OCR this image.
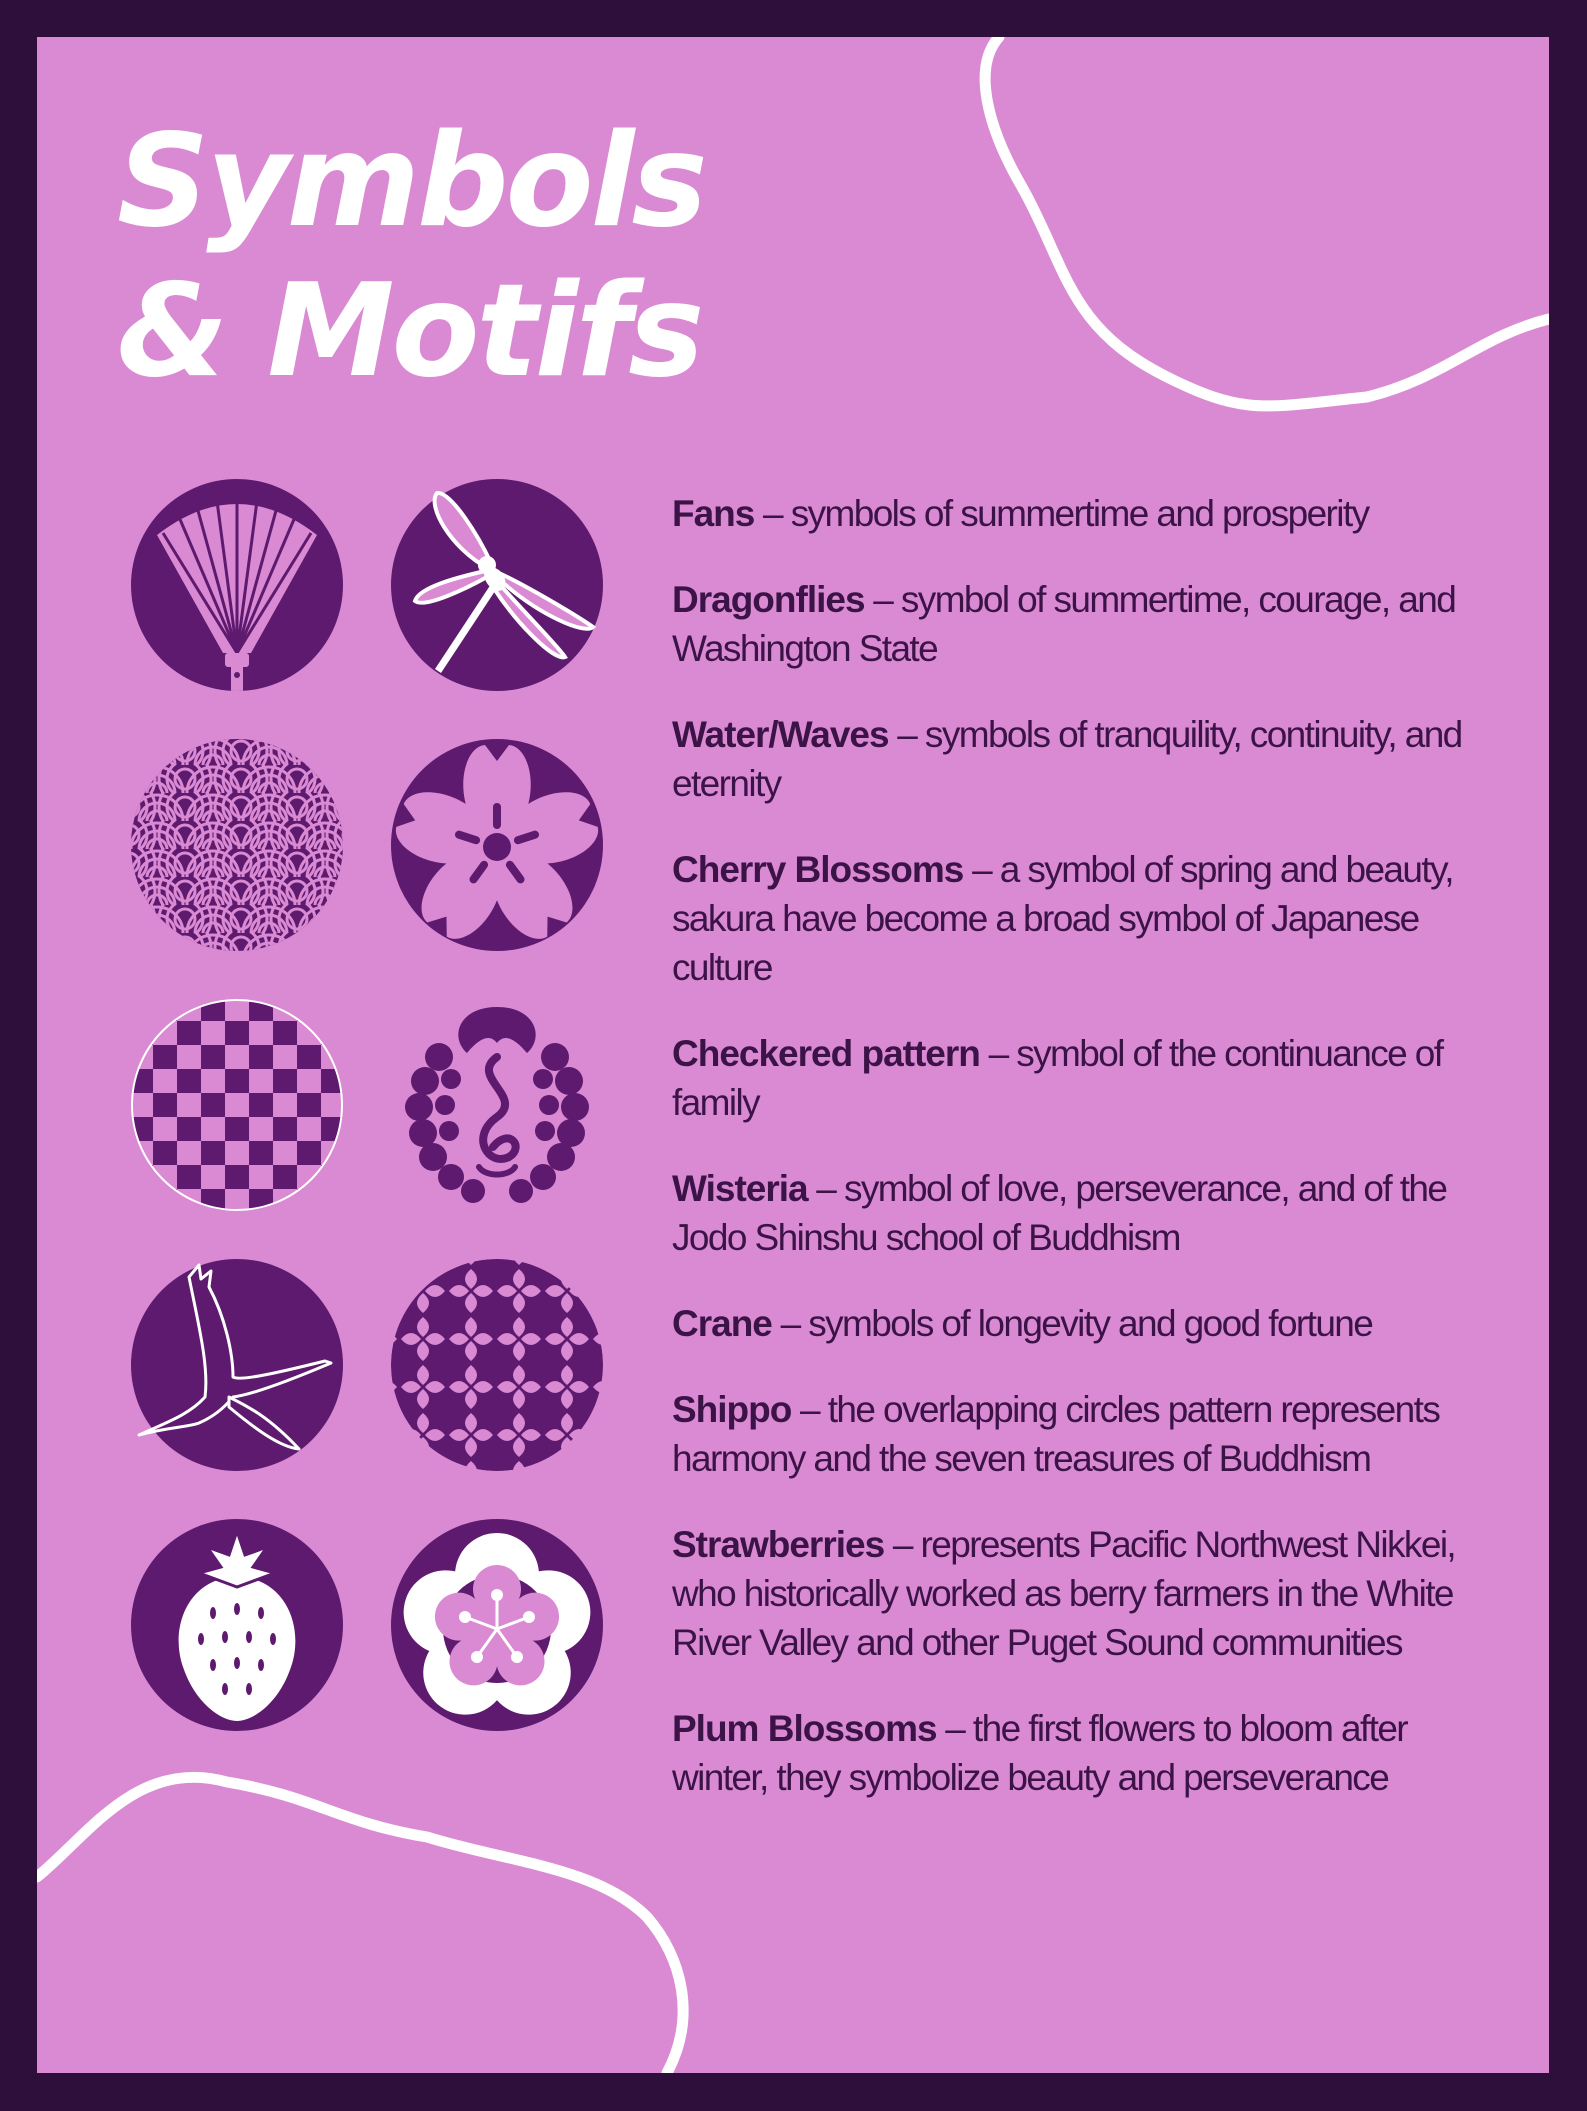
Symbols
& Motifs

Fans – symbols of summertime and prosperity

Dragonflies – symbol of summertime, courage, and Washington State

Water/Waves – symbols of tranquility, continuity, and eternity

Cherry Blossoms – a symbol of spring and beauty, sakura have become a broad symbol of Japanese culture

Checkered pattern – symbol of the continuance of family

Wisteria – symbol of love, perseverance, and of the Jodo Shinshu school of Buddhism

Crane – symbols of longevity and good fortune

Shippo – the overlapping circles pattern represents harmony and the seven treasures of Buddhism

Strawberries – represents Pacific Northwest Nikkei, who historically worked as berry farmers in the White River Valley and other Puget Sound communities

Plum Blossoms – the first flowers to bloom after winter, they symbolize beauty and perseverance
